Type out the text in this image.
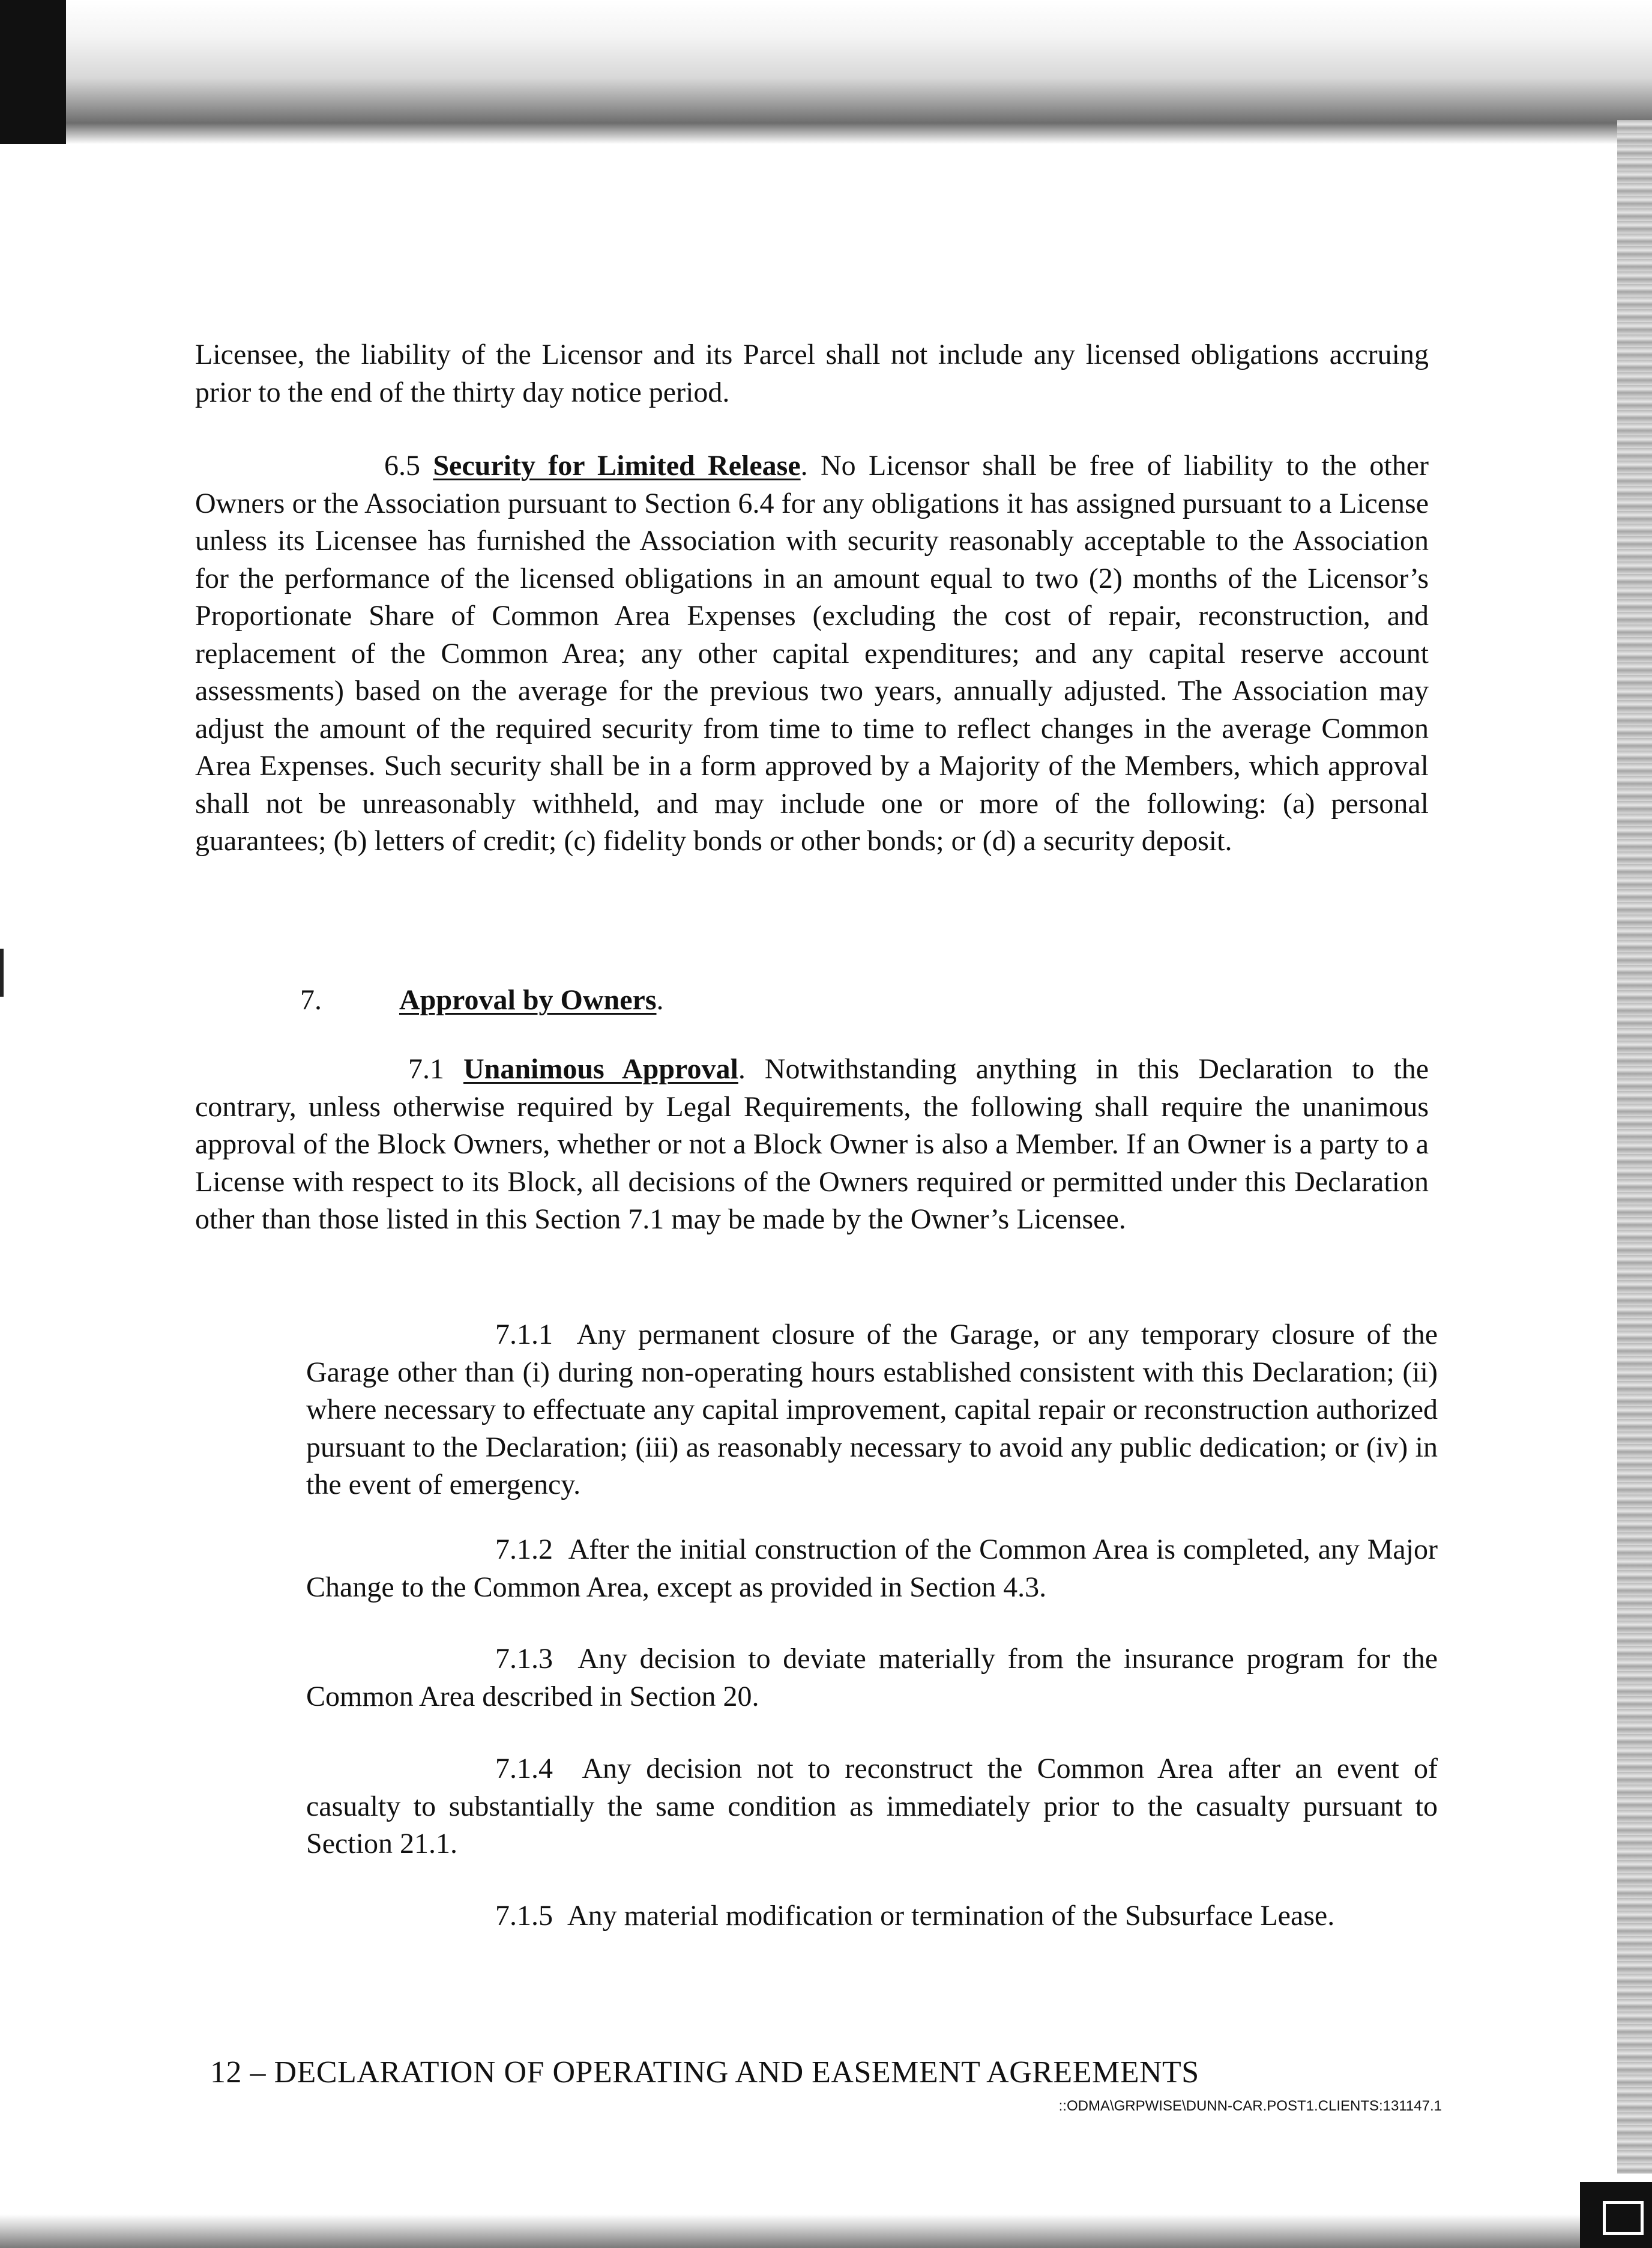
Licensee, the liability of the Licensor and its Parcel shall not include any licensed obligations accruing prior to the end of the thirty day notice period.

6.5 Security for Limited Release. No Licensor shall be free of liability to the other Owners or the Association pursuant to Section 6.4 for any obligations it has assigned pursuant to a License unless its Licensee has furnished the Association with security reasonably acceptable to the Association for the performance of the licensed obligations in an amount equal to two (2) months of the Licensor’s Proportionate Share of Common Area Expenses (excluding the cost of repair, reconstruction, and replacement of the Common Area; any other capital expenditures; and any capital reserve account assessments) based on the average for the previous two years, annually adjusted. The Association may adjust the amount of the required security from time to time to reflect changes in the average Common Area Expenses. Such security shall be in a form approved by a Majority of the Members, which approval shall not be unreasonably withheld, and may include one or more of the following: (a) personal guarantees; (b) letters of credit; (c) fidelity bonds or other bonds; or (d) a security deposit.

7.	Approval by Owners.

7.1 Unanimous Approval. Notwithstanding anything in this Declaration to the contrary, unless otherwise required by Legal Requirements, the following shall require the unanimous approval of the Block Owners, whether or not a Block Owner is also a Member. If an Owner is a party to a License with respect to its Block, all decisions of the Owners required or permitted under this Declaration other than those listed in this Section 7.1 may be made by the Owner’s Licensee.

7.1.1 Any permanent closure of the Garage, or any temporary closure of the Garage other than (i) during non-operating hours established consistent with this Declaration; (ii) where necessary to effectuate any capital improvement, capital repair or reconstruction authorized pursuant to the Declaration; (iii) as reasonably necessary to avoid any public dedication; or (iv) in the event of emergency.

7.1.2 After the initial construction of the Common Area is completed, any Major Change to the Common Area, except as provided in Section 4.3.

7.1.3 Any decision to deviate materially from the insurance program for the Common Area described in Section 20.

7.1.4 Any decision not to reconstruct the Common Area after an event of casualty to substantially the same condition as immediately prior to the casualty pursuant to Section 21.1.

7.1.5 Any material modification or termination of the Subsurface Lease.

12 – DECLARATION OF OPERATING AND EASEMENT AGREEMENTS

::ODMA\GRPWISE\DUNN-CAR.POST1.CLIENTS:131147.1
